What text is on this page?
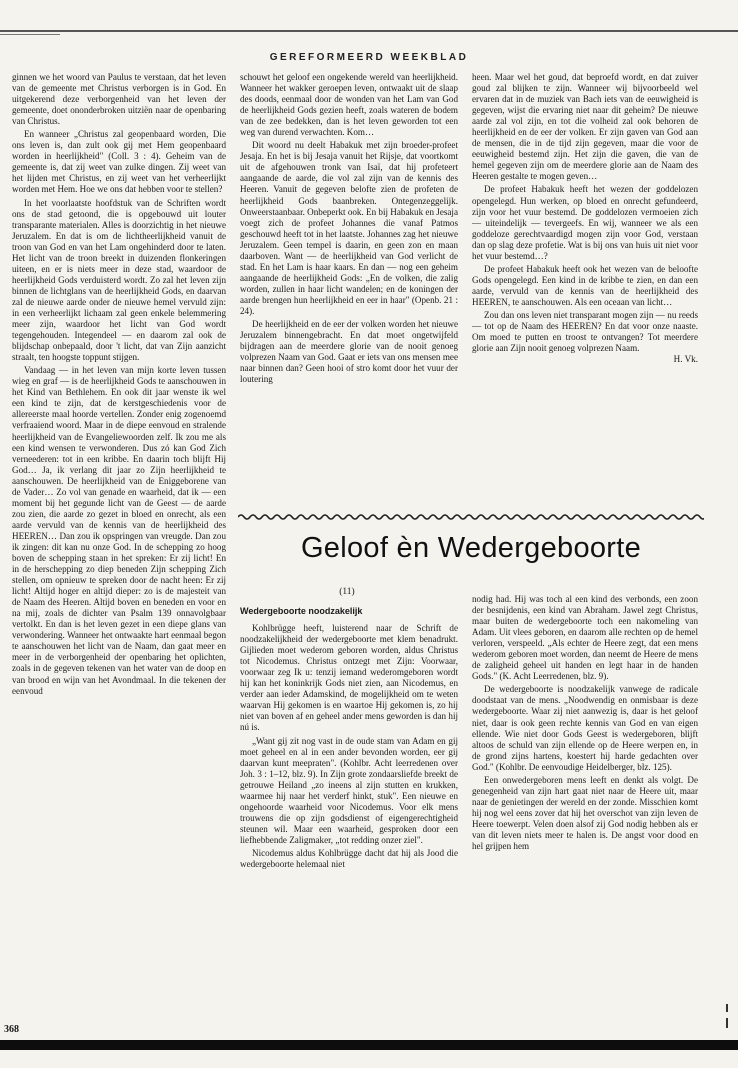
GEREFORMEERD WEEKBLAD

ginnen we het woord van Paulus te verstaan, dat het leven van de gemeente met Christus verborgen is in God. En uitgekerend deze verborgenheid van het leven der gemeente, doet ononderbroken uitziën naar de openbaring van Christus.

En wanneer „Christus zal geopenbaard worden, Die ons leven is, dan zult ook gij met Hem geopenbaard worden in heerlijkheid" (Coll. 3 : 4). Geheim van de gemeente is, dat zij weet van zulke dingen. Zij weet van het lijden met Christus, en zij weet van het verheerlijkt worden met Hem. Hoe we ons dat hebben voor te stellen?

In het voorlaatste hoofdstuk van de Schriften wordt ons de stad getoond, die is opgebouwd uit louter transparante materialen. Alles is doorzichtig in het nieuwe Jeruzalem. En dat is om de lichtheerlijkheid vanuit de troon van God en van het Lam ongehinderd door te laten. Het licht van de troon breekt in duizenden flonkeringen uiteen, en er is niets meer in deze stad, waardoor de heerlijkheid Gods verduisterd wordt. Zo zal het leven zijn binnen de lichtglans van de heerlijkheid Gods, en daarvan zal de nieuwe aarde onder de nieuwe hemel vervuld zijn: in een verheerlijkt lichaam zal geen enkele belemmering meer zijn, waardoor het licht van God wordt tegengehouden. Integendeel — en daarom zal ook de blijdschap onbepaald, door 't licht, dat van Zijn aanzicht straalt, ten hoogste toppunt stijgen.

Vandaag — in het leven van mijn korte leven tussen wieg en graf — is de heerlijkheid Gods te aanschouwen in het Kind van Bethlehem. En ook dit jaar wenste ik wel een kind te zijn, dat de kerstgeschiedenis voor de allereerste maal hoorde vertellen. Zonder enig zogenoemd verfraaiend woord. Maar in de diepe eenvoud en stralende heerlijkheid van de Evangeliewoorden zelf. Ik zou me als een kind wensen te verwonderen. Dus zó kan God Zich verneederen: tot in een kribbe. En daarin toch blijft Hij God… Ja, ik verlang dit jaar zo Zijn heerlijkheid te aanschouwen. De heerlijkheid van de Eniggeborene van de Vader… Zo vol van genade en waarheid, dat ik — een moment bij het gegunde licht van de Geest — de aarde zou zien, die aarde zo gezet in bloed en onrecht, als een aarde vervuld van de kennis van de heerlijkheid des HEEREN… Dan zou ik opspringen van vreugde. Dan zou ik zingen: dit kan nu onze God. In de schepping zo hoog boven de schepping staan in het spreken: Er zij licht! En in de herschepping zo diep beneden Zijn schepping Zich stellen, om opnieuw te spreken door de nacht heen: Er zij licht! Altijd hoger en altijd dieper: zo is de majesteit van de Naam des Heeren. Altijd boven en beneden en voor en na mij, zoals de dichter van Psalm 139 onnavolgbaar vertolkt. En dan is het leven gezet in een diepe glans van verwondering. Wanneer het ontwaakte hart eenmaal begon te aanschouwen het licht van de Naam, dan gaat meer en meer in de verborgenheid der openbaring het oplichten, zoals in de gegeven tekenen van het water van de doop en van brood en wijn van het Avondmaal. In die tekenen der eenvoud

schouwt het geloof een ongekende wereld van heerlijkheid. Wanneer het wakker geroepen leven, ontwaakt uit de slaap des doods, eenmaal door de wonden van het Lam van God de heerlijkheid Gods gezien heeft, zoals wateren de bodem van de zee bedekken, dan is het leven geworden tot een weg van durend verwachten. Kom…

Dit woord nu deelt Habakuk met zijn broeder-profeet Jesaja. En het is bij Jesaja vanuit het Rijsje, dat voortkomt uit de afgehouwen tronk van Isaï, dat hij profeteert aangaande de aarde, die vol zal zijn van de kennis des Heeren. Vanuit de gegeven belofte zien de profeten de heerlijkheid Gods baanbreken. Ontegenzeggelijk. Onweerstaanbaar. Onbeperkt ook. En bij Habakuk en Jesaja voegt zich de profeet Johannes die vanaf Patmos geschouwd heeft tot in het laatste. Johannes zag het nieuwe Jeruzalem. Geen tempel is daarin, en geen zon en maan daarboven. Want — de heerlijkheid van God verlicht de stad. En het Lam is haar kaars. En dan — nog een geheim aangaande de heerlijkheid Gods: „En de volken, die zalig worden, zullen in haar licht wandelen; en de koningen der aarde brengen hun heerlijkheid en eer in haar" (Openb. 21 : 24).

De heerlijkheid en de eer der volken worden het nieuwe Jeruzalem binnengebracht. En dat moet ongetwijfeld bijdragen aan de meerdere glorie van de nooit genoeg volprezen Naam van God. Gaat er iets van ons mensen mee naar binnen dan? Geen hooi of stro komt door het vuur der loutering

heen. Maar wel het goud, dat beproefd wordt, en dat zuiver goud zal blijken te zijn. Wanneer wij bijvoorbeeld wel ervaren dat in de muziek van Bach iets van de eeuwigheid is gegeven, wijst die ervaring niet naar dit geheim? De nieuwe aarde zal vol zijn, en tot die volheid zal ook behoren de heerlijkheid en de eer der volken. Er zijn gaven van God aan de mensen, die in de tijd zijn gegeven, maar die voor de eeuwigheid bestemd zijn. Het zijn die gaven, die van de hemel gegeven zijn om de meerdere glorie aan de Naam des Heeren gestalte te mogen geven…

De profeet Habakuk heeft het wezen der goddelozen opengelegd. Hun werken, op bloed en onrecht gefundeerd, zijn voor het vuur bestemd. De goddelozen vermoeien zich — uiteindelijk — tevergeefs. En wij, wanneer we als een goddeloze gerechtvaardigd mogen zijn voor God, verstaan dan op slag deze profetie. Wat is bij ons van huis uit niet voor het vuur bestemd…?

De profeet Habakuk heeft ook het wezen van de beloofte Gods opengelegd. Een kind in de kribbe te zien, en dan een aarde, vervuld van de kennis van de heerlijkheid des HEEREN, te aanschouwen. Als een oceaan van licht…

Zou dan ons leven niet transparant mogen zijn — nu reeds — tot op de Naam des HEEREN? En dat voor onze naaste. Om moed te putten en troost te ontvangen? Tot meerdere glorie aan Zijn nooit genoeg volprezen Naam.

H. Vk.
Geloof èn Wedergeboorte
(11)

Wedergeboorte noodzakelijk

Kohlbrügge heeft, luisterend naar de Schrift de noodzakelijkheid der wedergeboorte met klem benadrukt. Gijlieden moet wederom geboren worden, aldus Christus tot Nicodemus. Christus ontzegt met Zijn: Voorwaar, voorwaar zeg Ik u: tenzij iemand wederomgeboren wordt hij kan het koninkrijk Gods niet zien, aan Nicodemus, en verder aan ieder Adamskind, de mogelijkheid om te weten waarvan Hij gekomen is en waartoe Hij gekomen is, zo hij niet van boven af en geheel ander mens geworden is dan hij nú is.

„Want gij zit nog vast in de oude stam van Adam en gij moet geheel en al in een ander bevonden worden, eer gij daarvan kunt meepraten". (Kohlbr. Acht leerredenen over Joh. 3 : 1–12, blz. 9). In Zijn grote zondaarsliefde breekt de getrouwe Heiland „zo ineens al zijn stutten en krukken, waarmee hij naar het verderf hinkt, stuk". Een nieuwe en ongehoorde waarheid voor Nicodemus. Voor elk mens trouwens die op zijn godsdienst of eigengerechtigheid steunen wil. Maar een waarheid, gesproken door een liefhebbende Zaligmaker, „tot redding onzer ziel".

Nicodemus aldus Kohlbrügge dacht dat hij als Jood die wedergeboorte helemaal niet

nodig had. Hij was toch al een kind des verbonds, een zoon der besnijdenis, een kind van Abraham. Jawel zegt Christus, maar buiten de wedergeboorte toch een nakomeling van Adam. Uit vlees geboren, en daarom alle rechten op de hemel verloren, verspeeld. „Als echter de Heere zegt, dat een mens wederom geboren moet worden, dan neemt de Heere de mens de zaligheid geheel uit handen en legt haar in de handen Gods." (K. Acht Leerredenen, blz. 9).

De wedergeboorte is noodzakelijk vanwege de radicale doodstaat van de mens. „Noodwendig en onmisbaar is deze wedergeboorte. Waar zij niet aanwezig is, daar is het geloof niet, daar is ook geen rechte kennis van God en van eigen ellende. Wie niet door Gods Geest is wedergeboren, blijft altoos de schuld van zijn ellende op de Heere werpen en, in de grond zijns hartens, koestert hij harde gedachten over God." (Kohlbr. De eenvoudige Heidelberger, blz. 125).

Een onwedergeboren mens leeft en denkt als volgt. De genegenheid van zijn hart gaat niet naar de Heere uit, maar naar de genietingen der wereld en der zonde. Misschien komt hij nog wel eens zover dat hij het overschot van zijn leven de Heere toewerpt. Velen doen alsof zij God nodig hebben als er van dit leven niets meer te halen is. De angst voor dood en hel grijpen hem

368
